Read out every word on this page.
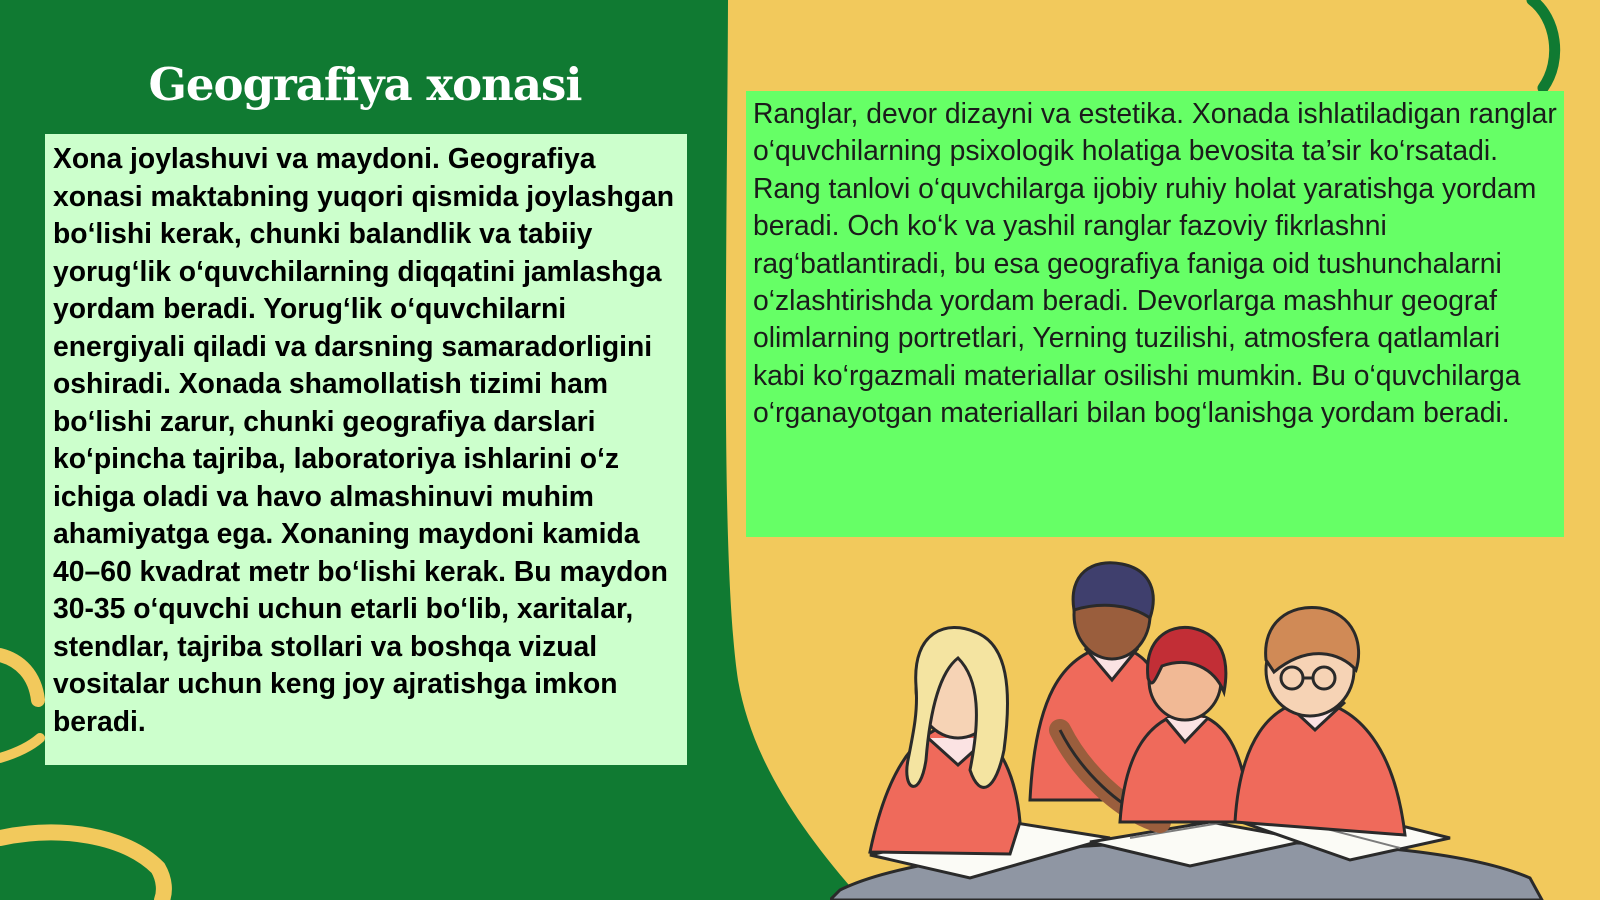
Geografiya xonasi

Xona joylashuvi va maydoni. Geografiya xonasi maktabning yuqori qismida joylashgan bo‘lishi kerak, chunki balandlik va tabiiy yorug‘lik o‘quvchilarning diqqatini jamlashga yordam beradi. Yorug‘lik o‘quvchilarni energiyali qiladi va darsning samaradorligini oshiradi. Xonada shamollatish tizimi ham bo‘lishi zarur, chunki geografiya darslari ko‘pincha tajriba, laboratoriya ishlarini o‘z ichiga oladi va havo almashinuvi muhim ahamiyatga ega. Xonaning maydoni kamida 40–60 kvadrat metr bo‘lishi kerak. Bu maydon 30-35 o‘quvchi uchun etarli bo‘lib, xaritalar, stendlar, tajriba stollari va boshqa vizual vositalar uchun keng joy ajratishga imkon beradi.

Ranglar, devor dizayni va estetika. Xonada ishlatiladigan ranglar o‘quvchilarning psixologik holatiga bevosita ta’sir ko‘rsatadi. Rang tanlovi o‘quvchilarga ijobiy ruhiy holat yaratishga yordam beradi. Och ko‘k va yashil ranglar fazoviy fikrlashni rag‘batlantiradi, bu esa geografiya faniga oid tushunchalarni o‘zlashtirishda yordam beradi. Devorlarga mashhur geograf olimlarning portretlari, Yerning tuzilishi, atmosfera qatlamlari kabi ko‘rgazmali materiallar osilishi mumkin. Bu o‘quvchilarga o‘rganayotgan materiallari bilan bog‘lanishga yordam beradi.
